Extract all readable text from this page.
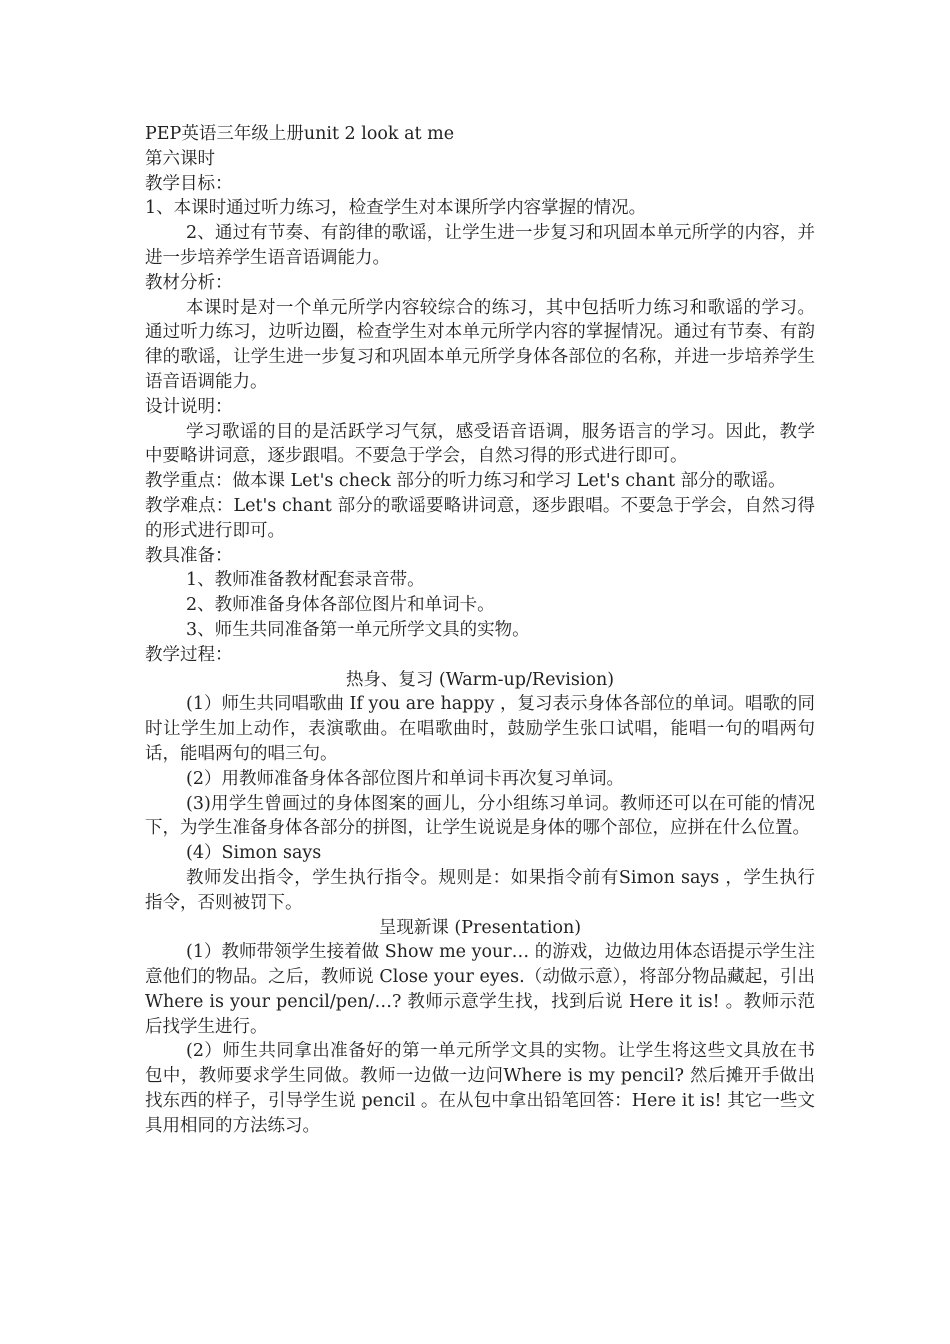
PEP英语三年级上册unit 2 look at me

第六课时

教学目标：

1、本课时通过听力练习，检查学生对本课所学内容掌握的情况。

2、通过有节奏、有韵律的歌谣，让学生进一步复习和巩固本单元所学的内容，并进一步培养学生语音语调能力。

教材分析：

本课时是对一个单元所学内容较综合的练习，其中包括听力练习和歌谣的学习。通过听力练习，边听边圈，检查学生对本单元所学内容的掌握情况。通过有节奏、有韵律的歌谣，让学生进一步复习和巩固本单元所学身体各部位的名称，并进一步培养学生语音语调能力。

设计说明：

学习歌谣的目的是活跃学习气氛，感受语音语调，服务语言的学习。因此，教学中要略讲词意，逐步跟唱。不要急于学会，自然习得的形式进行即可。

教学重点：做本课 Let's check 部分的听力练习和学习 Let's chant 部分的歌谣。

教学难点：Let's chant 部分的歌谣要略讲词意，逐步跟唱。不要急于学会，自然习得的形式进行即可。

教具准备：

1、教师准备教材配套录音带。

2、教师准备身体各部位图片和单词卡。

3、师生共同准备第一单元所学文具的实物。

教学过程：

热身、复习 (Warm-up/Revision)

(1）师生共同唱歌曲 If you are happy ，复习表示身体各部位的单词。唱歌的同时让学生加上动作，表演歌曲。在唱歌曲时，鼓励学生张口试唱，能唱一句的唱两句话，能唱两句的唱三句。

(2）用教师准备身体各部位图片和单词卡再次复习单词。

(3)用学生曾画过的身体图案的画儿，分小组练习单词。教师还可以在可能的情况下，为学生准备身体各部分的拼图，让学生说说是身体的哪个部位，应拼在什么位置。

(4）Simon says

教师发出指令，学生执行指令。规则是：如果指令前有Simon says ，学生执行指令，否则被罚下。

呈现新课 (Presentation)

(1）教师带领学生接着做 Show me your… 的游戏，边做边用体态语提示学生注意他们的物品。之后，教师说 Close your eyes.（动做示意），将部分物品藏起，引出 Where is your pencil/pen/…? 教师示意学生找，找到后说 Here it is! 。教师示范后找学生进行。

(2）师生共同拿出准备好的第一单元所学文具的实物。让学生将这些文具放在书包中，教师要求学生同做。教师一边做一边问Where is my pencil? 然后摊开手做出找东西的样子，引导学生说 pencil 。在从包中拿出铅笔回答：Here it is! 其它一些文具用相同的方法练习。
